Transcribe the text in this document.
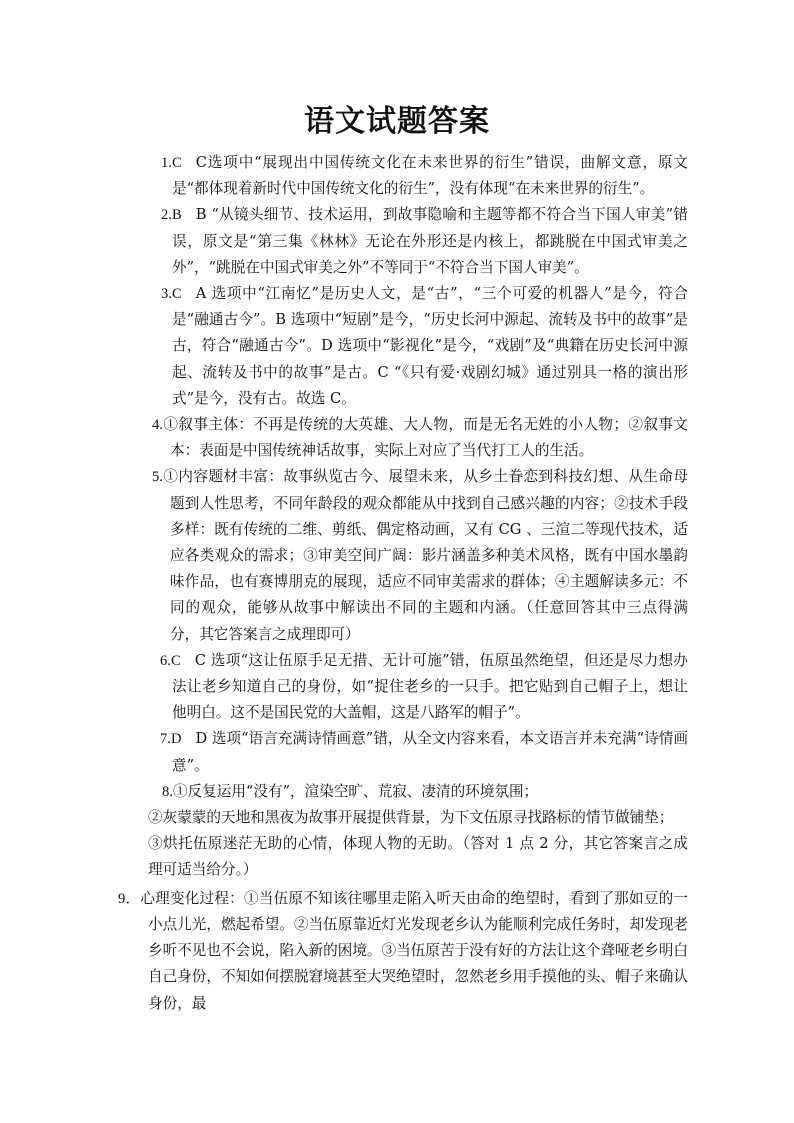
语文试题答案

1.C C选项中“展现出中国传统文化在未来世界的衍生”错误，曲解文意，原文是“都体现着新时代中国传统文化的衍生”，没有体现“在未来世界的衍生”。

2.B B “从镜头细节、技术运用，到故事隐喻和主题等都不符合当下国人审美”错误，原文是“第三集《林林》无论在外形还是内核上，都跳脱在中国式审美之外”，“跳脱在中国式审美之外”不等同于“不符合当下国人审美”。

3.C A 选项中“江南忆”是历史人文，是“古”，“三个可爱的机器人”是今，符合是“融通古今”。B 选项中“短剧”是今，“历史长河中源起、流转及书中的故事”是古，符合“融通古今”。D 选项中“影视化”是今，“戏剧”及“典籍在历史长河中源起、流转及书中的故事”是古。C “《只有爱·戏剧幻城》通过别具一格的演出形式”是今，没有古。故选 C。

4.①叙事主体：不再是传统的大英雄、大人物，而是无名无姓的小人物；②叙事文本：表面是中国传统神话故事，实际上对应了当代打工人的生活。

5.①内容题材丰富：故事纵览古今、展望未来，从乡土眷恋到科技幻想、从生命母题到人性思考，不同年龄段的观众都能从中找到自己感兴趣的内容；②技术手段多样：既有传统的二维、剪纸、偶定格动画，又有 CG 、三渲二等现代技术，适应各类观众的需求；③审美空间广阔：影片涵盖多种美术风格，既有中国水墨韵味作品，也有赛博朋克的展现，适应不同审美需求的群体；④主题解读多元：不同的观众，能够从故事中解读出不同的主题和内涵。（任意回答其中三点得满分，其它答案言之成理即可）

6.C C 选项“这让伍原手足无措、无计可施”错，伍原虽然绝望，但还是尽力想办法让老乡知道自己的身份，如“捉住老乡的一只手。把它贴到自己帽子上，想让他明白。这不是国民党的大盖帽，这是八路军的帽子”。

7.D D 选项“语言充满诗情画意”错，从全文内容来看，本文语言并未充满“诗情画意”。

8.①反复运用“没有”，渲染空旷、荒寂、凄清的环境氛围；

②灰蒙蒙的天地和黑夜为故事开展提供背景，为下文伍原寻找路标的情节做铺垫；

③烘托伍原迷茫无助的心情，体现人物的无助。（答对 1 点 2 分，其它答案言之成理可适当给分。）

9．心理变化过程：①当伍原不知该往哪里走陷入听天由命的绝望时，看到了那如豆的一小点儿光，燃起希望。②当伍原靠近灯光发现老乡认为能顺利完成任务时，却发现老乡听不见也不会说，陷入新的困境。③当伍原苦于没有好的方法让这个聋哑老乡明白自己身份，不知如何摆脱窘境甚至大哭绝望时，忽然老乡用手摸他的头、帽子来确认身份，最
